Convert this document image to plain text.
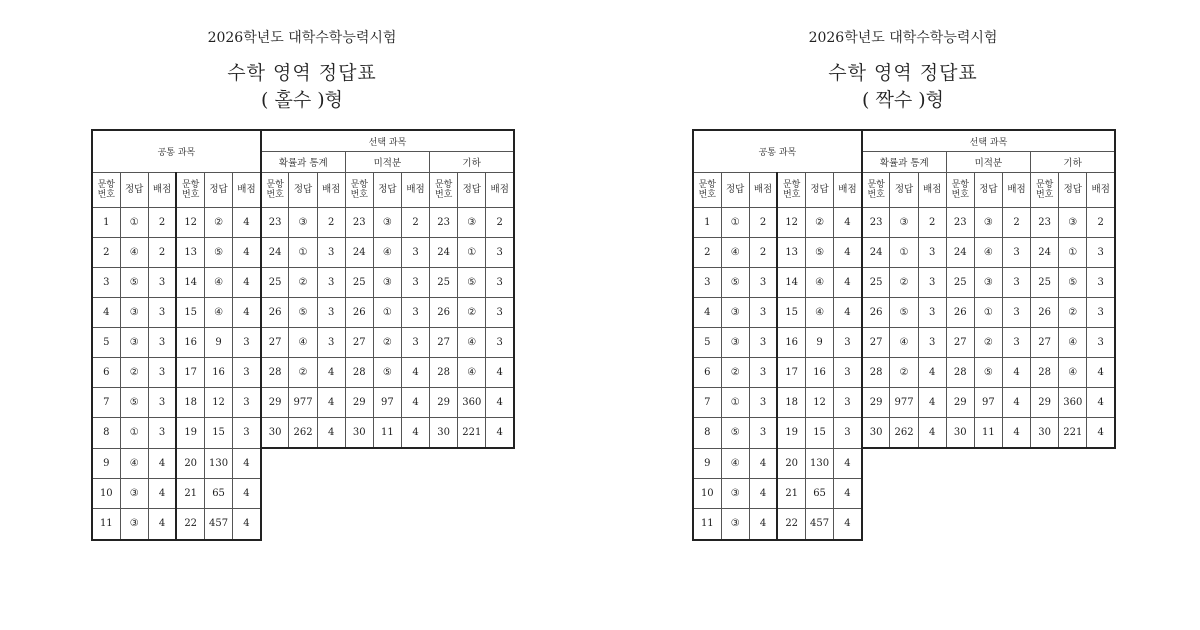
2026학년도 대학수학능력시험
수학 영역 정답표
( 홀수 )형
공통 과목						선택 과목								
						확률과 통계			미적분			기하		
문항 번호	정답	배점	문항 번호	정답	배점	문항 번호	정답	배점	문항 번호	정답	배점	문항 번호	정답	배점
1	①	2	12	②	4	23	③	2	23	③	2	23	③	2
2	④	2	13	⑤	4	24	①	3	24	④	3	24	①	3
3	⑤	3	14	④	4	25	②	3	25	③	3	25	⑤	3
4	③	3	15	④	4	26	⑤	3	26	①	3	26	②	3
5	③	3	16	9	3	27	④	3	27	②	3	27	④	3
6	②	3	17	16	3	28	②	4	28	⑤	4	28	④	4
7	⑤	3	18	12	3	29	977	4	29	97	4	29	360	4
8	①	3	19	15	3	30	262	4	30	11	4	30	221	4
9	④	4	20	130	4									
10	③	4	21	65	4									
11	③	4	22	457	4									
2026학년도 대학수학능력시험
수학 영역 정답표
( 짝수 )형
공통 과목						선택 과목								
						확률과 통계			미적분			기하		
문항 번호	정답	배점	문항 번호	정답	배점	문항 번호	정답	배점	문항 번호	정답	배점	문항 번호	정답	배점
1	①	2	12	②	4	23	③	2	23	③	2	23	③	2
2	④	2	13	⑤	4	24	①	3	24	④	3	24	①	3
3	⑤	3	14	④	4	25	②	3	25	③	3	25	⑤	3
4	③	3	15	④	4	26	⑤	3	26	①	3	26	②	3
5	③	3	16	9	3	27	④	3	27	②	3	27	④	3
6	②	3	17	16	3	28	②	4	28	⑤	4	28	④	4
7	①	3	18	12	3	29	977	4	29	97	4	29	360	4
8	⑤	3	19	15	3	30	262	4	30	11	4	30	221	4
9	④	4	20	130	4									
10	③	4	21	65	4									
11	③	4	22	457	4									
